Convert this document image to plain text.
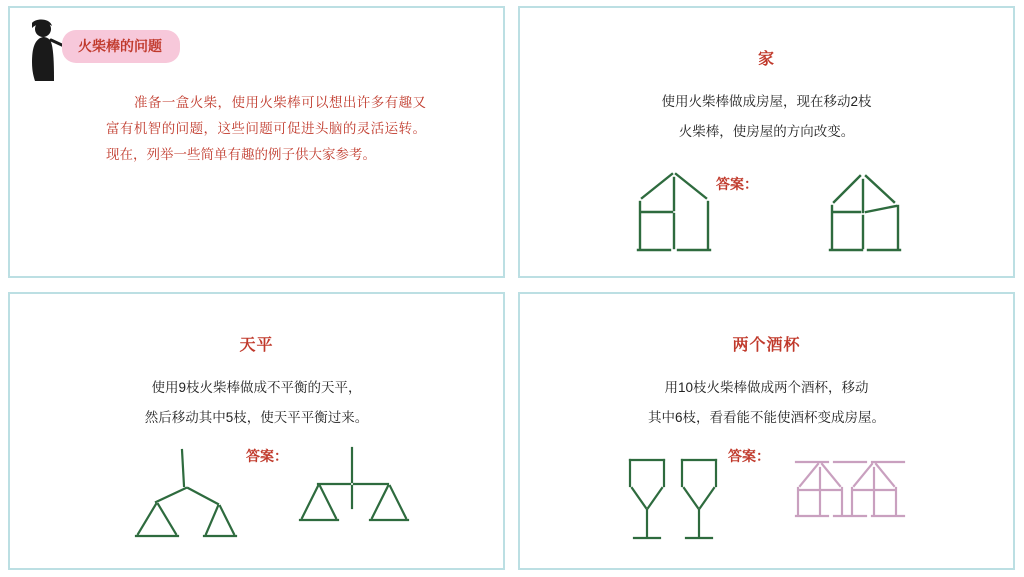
火柴棒的问题
准备一盒火柴，使用火柴棒可以想出许多有趣又富有机智的问题，这些问题可促进头脑的灵活运转。现在，列举一些简单有趣的例子供大家参考。
家
使用火柴棒做成房屋，现在移动2枝
火柴棒，使房屋的方向改变。
答案：
天平
使用9枝火柴棒做成不平衡的天平，
然后移动其中5枝，使天平平衡过来。
答案：
两个酒杯
用10枝火柴棒做成两个酒杯，移动
其中6枝，看看能不能使酒杯变成房屋。
答案：
